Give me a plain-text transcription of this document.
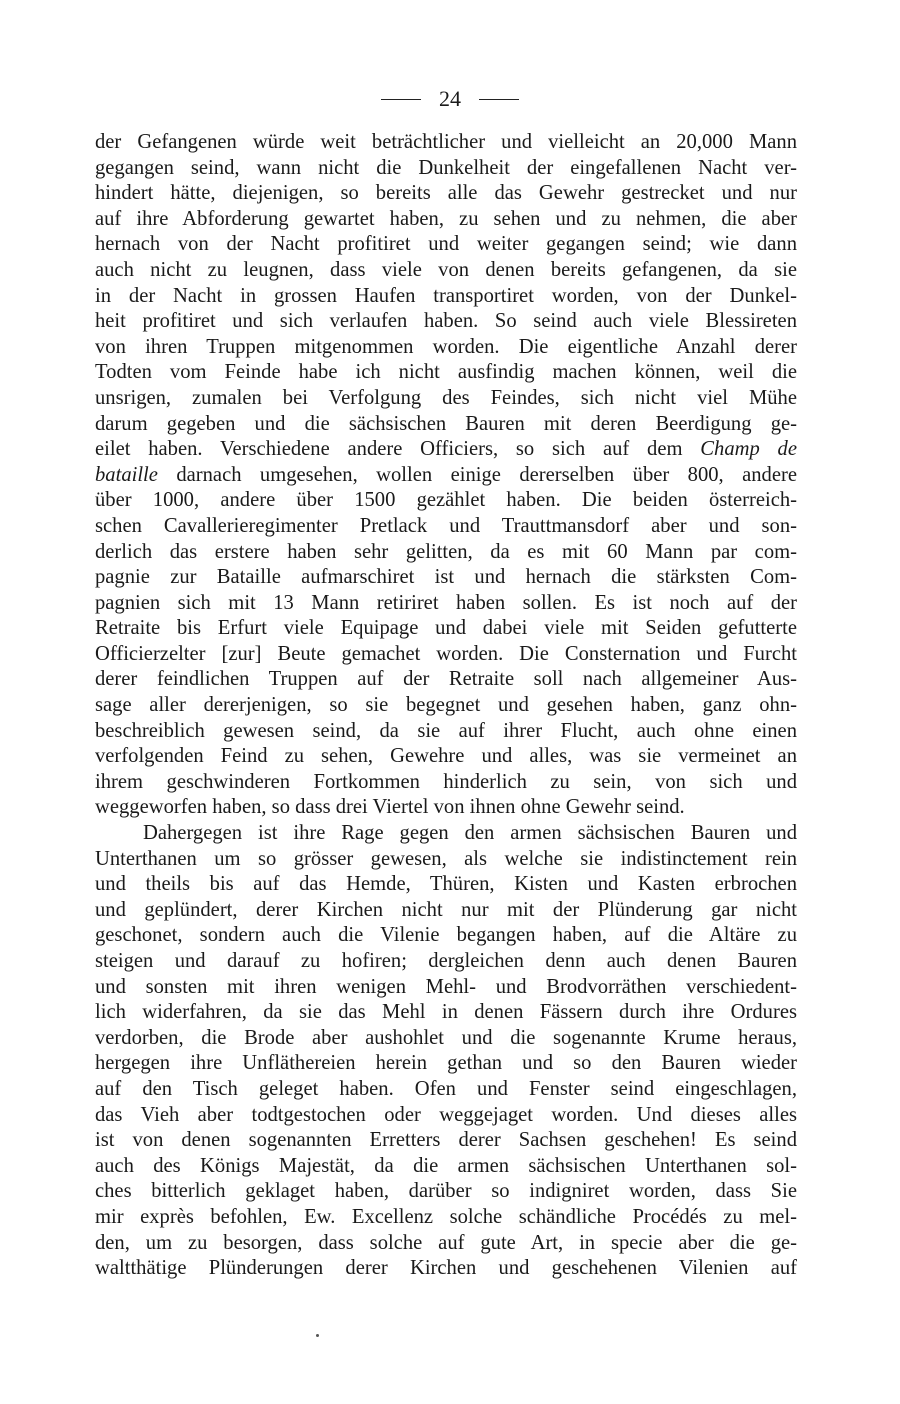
24
der Gefangenen würde weit beträchtlicher und vielleicht an 20,000 Mann
gegangen seind, wann nicht die Dunkelheit der eingefallenen Nacht ver-
hindert hätte, diejenigen, so bereits alle das Gewehr gestrecket und nur
auf ihre Abforderung gewartet haben, zu sehen und zu nehmen, die aber
hernach von der Nacht profitiret und weiter gegangen seind; wie dann
auch nicht zu leugnen, dass viele von denen bereits gefangenen, da sie
in der Nacht in grossen Haufen transportiret worden, von der Dunkel-
heit profitiret und sich verlaufen haben. So seind auch viele Blessireten
von ihren Truppen mitgenommen worden. Die eigentliche Anzahl derer
Todten vom Feinde habe ich nicht ausfindig machen können, weil die
unsrigen, zumalen bei Verfolgung des Feindes, sich nicht viel Mühe
darum gegeben und die sächsischen Bauren mit deren Beerdigung ge-
eilet haben. Verschiedene andere Officiers, so sich auf dem Champ de
bataille darnach umgesehen, wollen einige dererselben über 800, andere
über 1000, andere über 1500 gezählet haben. Die beiden österreich-
schen Cavallerieregimenter Pretlack und Trauttmansdorf aber und son-
derlich das erstere haben sehr gelitten, da es mit 60 Mann par com-
pagnie zur Bataille aufmarschiret ist und hernach die stärksten Com-
pagnien sich mit 13 Mann retiriret haben sollen. Es ist noch auf der
Retraite bis Erfurt viele Equipage und dabei viele mit Seiden gefutterte
Officierzelter [zur] Beute gemachet worden. Die Consternation und Furcht
derer feindlichen Truppen auf der Retraite soll nach allgemeiner Aus-
sage aller dererjenigen, so sie begegnet und gesehen haben, ganz ohn-
beschreiblich gewesen seind, da sie auf ihrer Flucht, auch ohne einen
verfolgenden Feind zu sehen, Gewehre und alles, was sie vermeinet an
ihrem geschwinderen Fortkommen hinderlich zu sein, von sich und
weggeworfen haben, so dass drei Viertel von ihnen ohne Gewehr seind.
Dahergegen ist ihre Rage gegen den armen sächsischen Bauren und
Unterthanen um so grösser gewesen, als welche sie indistinctement rein
und theils bis auf das Hemde, Thüren, Kisten und Kasten erbrochen
und geplündert, derer Kirchen nicht nur mit der Plünderung gar nicht
geschonet, sondern auch die Vilenie begangen haben, auf die Altäre zu
steigen und darauf zu hofiren; dergleichen denn auch denen Bauren
und sonsten mit ihren wenigen Mehl- und Brodvorräthen verschiedent-
lich widerfahren, da sie das Mehl in denen Fässern durch ihre Ordures
verdorben, die Brode aber aushohlet und die sogenannte Krume heraus,
hergegen ihre Unfläthereien herein gethan und so den Bauren wieder
auf den Tisch geleget haben. Ofen und Fenster seind eingeschlagen,
das Vieh aber todtgestochen oder weggejaget worden. Und dieses alles
ist von denen sogenannten Erretters derer Sachsen geschehen! Es seind
auch des Königs Majestät, da die armen sächsischen Unterthanen sol-
ches bitterlich geklaget haben, darüber so indigniret worden, dass Sie
mir exprès befohlen, Ew. Excellenz solche schändliche Procédés zu mel-
den, um zu besorgen, dass solche auf gute Art, in specie aber die ge-
waltthätige Plünderungen derer Kirchen und geschehenen Vilenien auf
